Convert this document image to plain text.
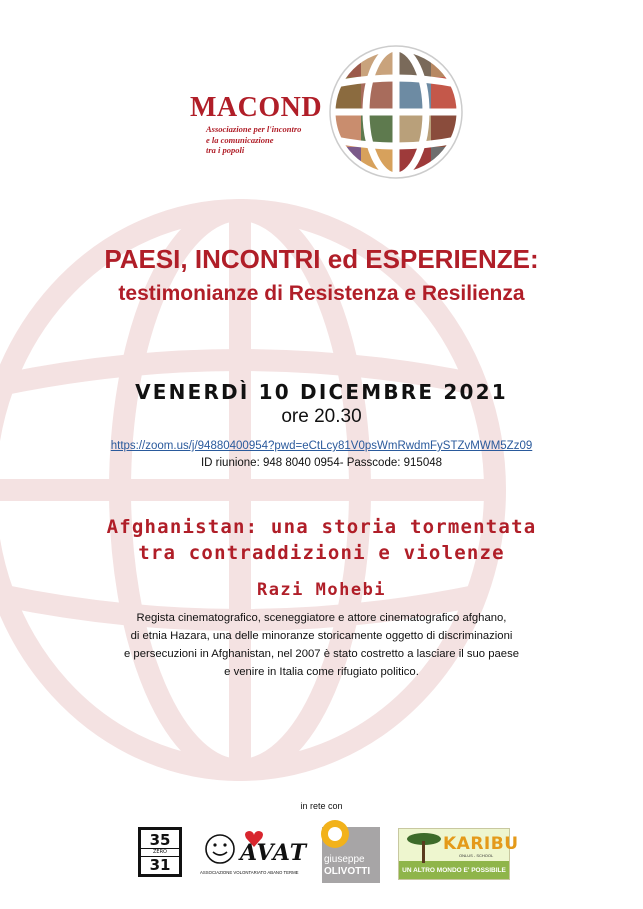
MACOND
Associazione per l'incontro
e la comunicazione
tra i popoli
PAESI, INCONTRI ed ESPERIENZE:
testimonianze di Resistenza e Resilienza
VENERDÌ 10 DICEMBRE 2021
ore 20.30
https://zoom.us/j/94880400954?pwd=eCtLcy81V0psWmRwdmFySTZvMWM5Zz09
ID riunione: 948 8040 0954- Passcode: 915048
Afghanistan: una storia tormentata
tra contraddizioni e violenze
Razi Mohebi
Regista cinematografico, sceneggiatore e attore cinematografico afghano,
di etnia Hazara, una delle minoranze storicamente oggetto di discriminazioni
e persecuzioni in Afghanistan, nel 2007 è stato costretto a lasciare il suo paese
e venire in Italia come rifugiato politico.
in rete con
35
ZERO
31	AVAT
ASSOCIAZIONE VOLONTARIATO ABANO TERME
giuseppe
OLIVOTTI
KARIBU
ONLUS - SCHOOL
UN ALTRO MONDO E' POSSIBILE
